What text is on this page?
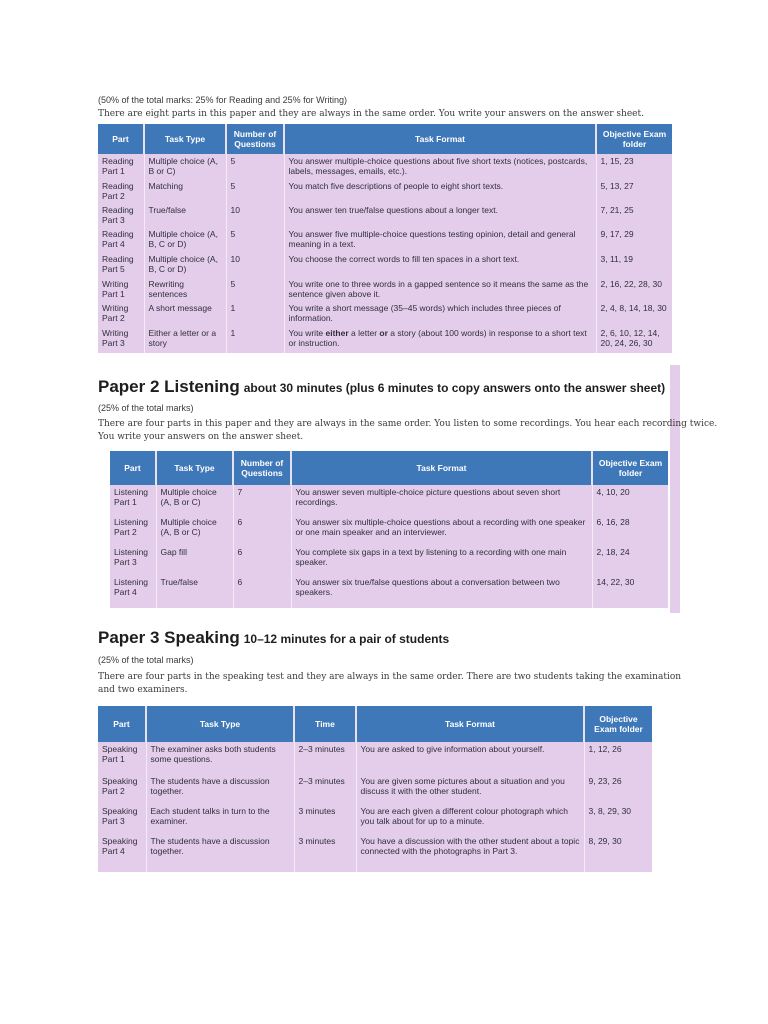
(50% of the total marks: 25% for Reading and 25% for Writing)
There are eight parts in this paper and they are always in the same order. You write your answers on the answer sheet.
Part	Task Type	Number of Questions	Task Format	Objective Exam folder
Reading Part 1	Multiple choice (A, B or C)	5	You answer multiple-choice questions about five short texts (notices, postcards, labels, messages, emails, etc.).	1, 15, 23
Reading Part 2	Matching	5	You match five descriptions of people to eight short texts.	5, 13, 27
Reading Part 3	True/false	10	You answer ten true/false questions about a longer text.	7, 21, 25
Reading Part 4	Multiple choice (A, B, C or D)	5	You answer five multiple-choice questions testing opinion, detail and general meaning in a text.	9, 17, 29
Reading Part 5	Multiple choice (A, B, C or D)	10	You choose the correct words to fill ten spaces in a short text.	3, 11, 19
Writing Part 1	Rewriting sentences	5	You write one to three words in a gapped sentence so it means the same as the sentence given above it.	2, 16, 22, 28, 30
Writing Part 2	A short message	1	You write a short message (35–45 words) which includes three pieces of information.	2, 4, 8, 14, 18, 30
Writing Part 3	Either a letter or a story	1	You write either a letter or a story (about 100 words) in response to a short text or instruction.	2, 6, 10, 12, 14, 20, 24, 26, 30
Paper 2 Listening about 30 minutes (plus 6 minutes to copy answers onto the answer sheet)
(25% of the total marks)
There are four parts in this paper and they are always in the same order. You listen to some recordings. You hear each recording twice.
You write your answers on the answer sheet.
Part	Task Type	Number of Questions	Task Format	Objective Exam folder
Listening Part 1	Multiple choice (A, B or C)	7	You answer seven multiple-choice picture questions about seven short recordings.	4, 10, 20
Listening Part 2	Multiple choice (A, B or C)	6	You answer six multiple-choice questions about a recording with one speaker or one main speaker and an interviewer.	6, 16, 28
Listening Part 3	Gap fill	6	You complete six gaps in a text by listening to a recording with one main speaker.	2, 18, 24
Listening Part 4	True/false	6	You answer six true/false questions about a conversation between two speakers.	14, 22, 30
Paper 3 Speaking 10–12 minutes for a pair of students
(25% of the total marks)
There are four parts in the speaking test and they are always in the same order. There are two students taking the examination
and two examiners.
Part	Task Type	Time	Task Format	Objective Exam folder
Speaking Part 1	The examiner asks both students some questions.	2–3 minutes	You are asked to give information about yourself.	1, 12, 26
Speaking Part 2	The students have a discussion together.	2–3 minutes	You are given some pictures about a situation and you discuss it with the other student.	9, 23, 26
Speaking Part 3	Each student talks in turn to the examiner.	3 minutes	You are each given a different colour photograph which you talk about for up to a minute.	3, 8, 29, 30
Speaking Part 4	The students have a discussion together.	3 minutes	You have a discussion with the other student about a topic connected with the photographs in Part 3.	8, 29, 30
